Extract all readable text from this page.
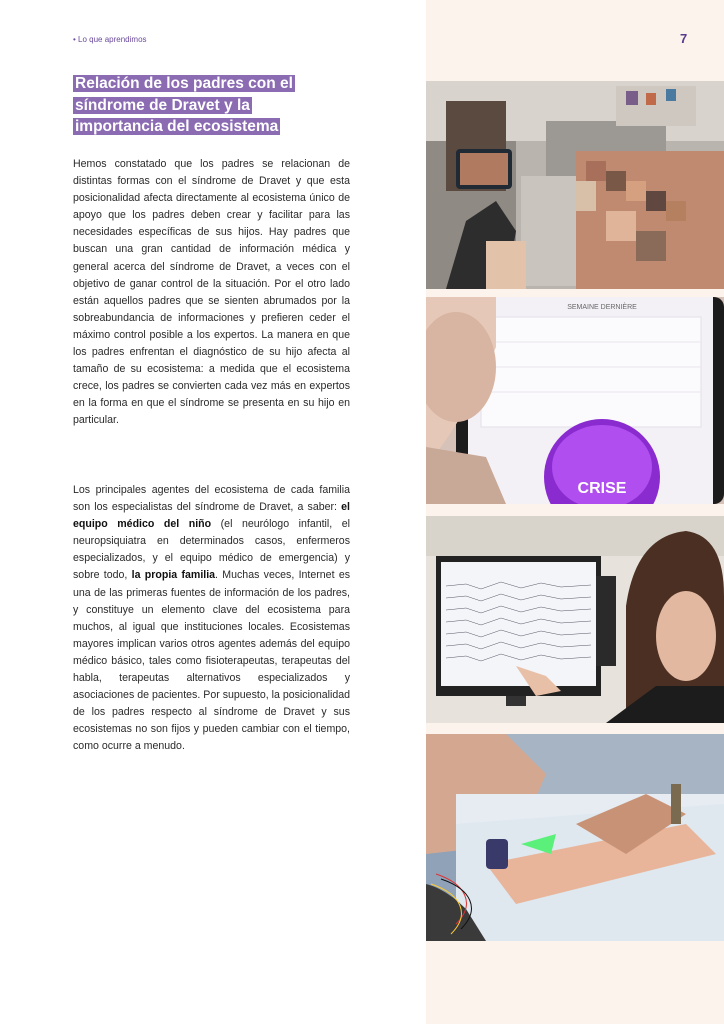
• Lo que aprendimos	7
Relación de los padres con el
síndrome de Dravet y la
importancia del ecosistema

Hemos constatado que los padres se relacionan de distintas formas con el síndrome de Dravet y que esta posicionalidad afecta directamente al ecosistema único de apoyo que los padres deben crear y facilitar para las necesidades específicas de sus hijos. Hay padres que buscan una gran cantidad de información médica y general acerca del síndrome de Dravet, a veces con el objetivo de ganar control de la situación. Por el otro lado están aquellos padres que se sienten abrumados por la sobreabundancia de informaciones y prefieren ceder el máximo control posible a los expertos. La manera en que los padres enfrentan el diagnóstico de su hijo afecta al tamaño de su ecosistema: a medida que el ecosistema crece, los padres se convierten cada vez más en expertos en la forma en que el síndrome se presenta en su hijo en particular.

Los principales agentes del ecosistema de cada familia son los especialistas del síndrome de Dravet, a saber: el equipo médico del niño (el neurólogo infantil, el neuropsiquiatra en determinados casos, enfermeros especializados, y el equipo médico de emergencia) y sobre todo, la propia familia. Muchas veces, Internet es una de las primeras fuentes de información de los padres, y constituye un elemento clave del ecosistema para muchos, al igual que instituciones locales. Ecosistemas mayores implican varios otros agentes además del equipo médico básico, tales como fisioterapeutas, terapeutas del habla, terapeutas alternativos especializados y asociaciones de pacientes. Por supuesto, la posicionalidad de los padres respecto al síndrome de Dravet y sus ecosistemas no son fijos y pueden cambiar con el tiempo, como ocurre a menudo.

SEMAINE DERNIÈRE
CRISE
